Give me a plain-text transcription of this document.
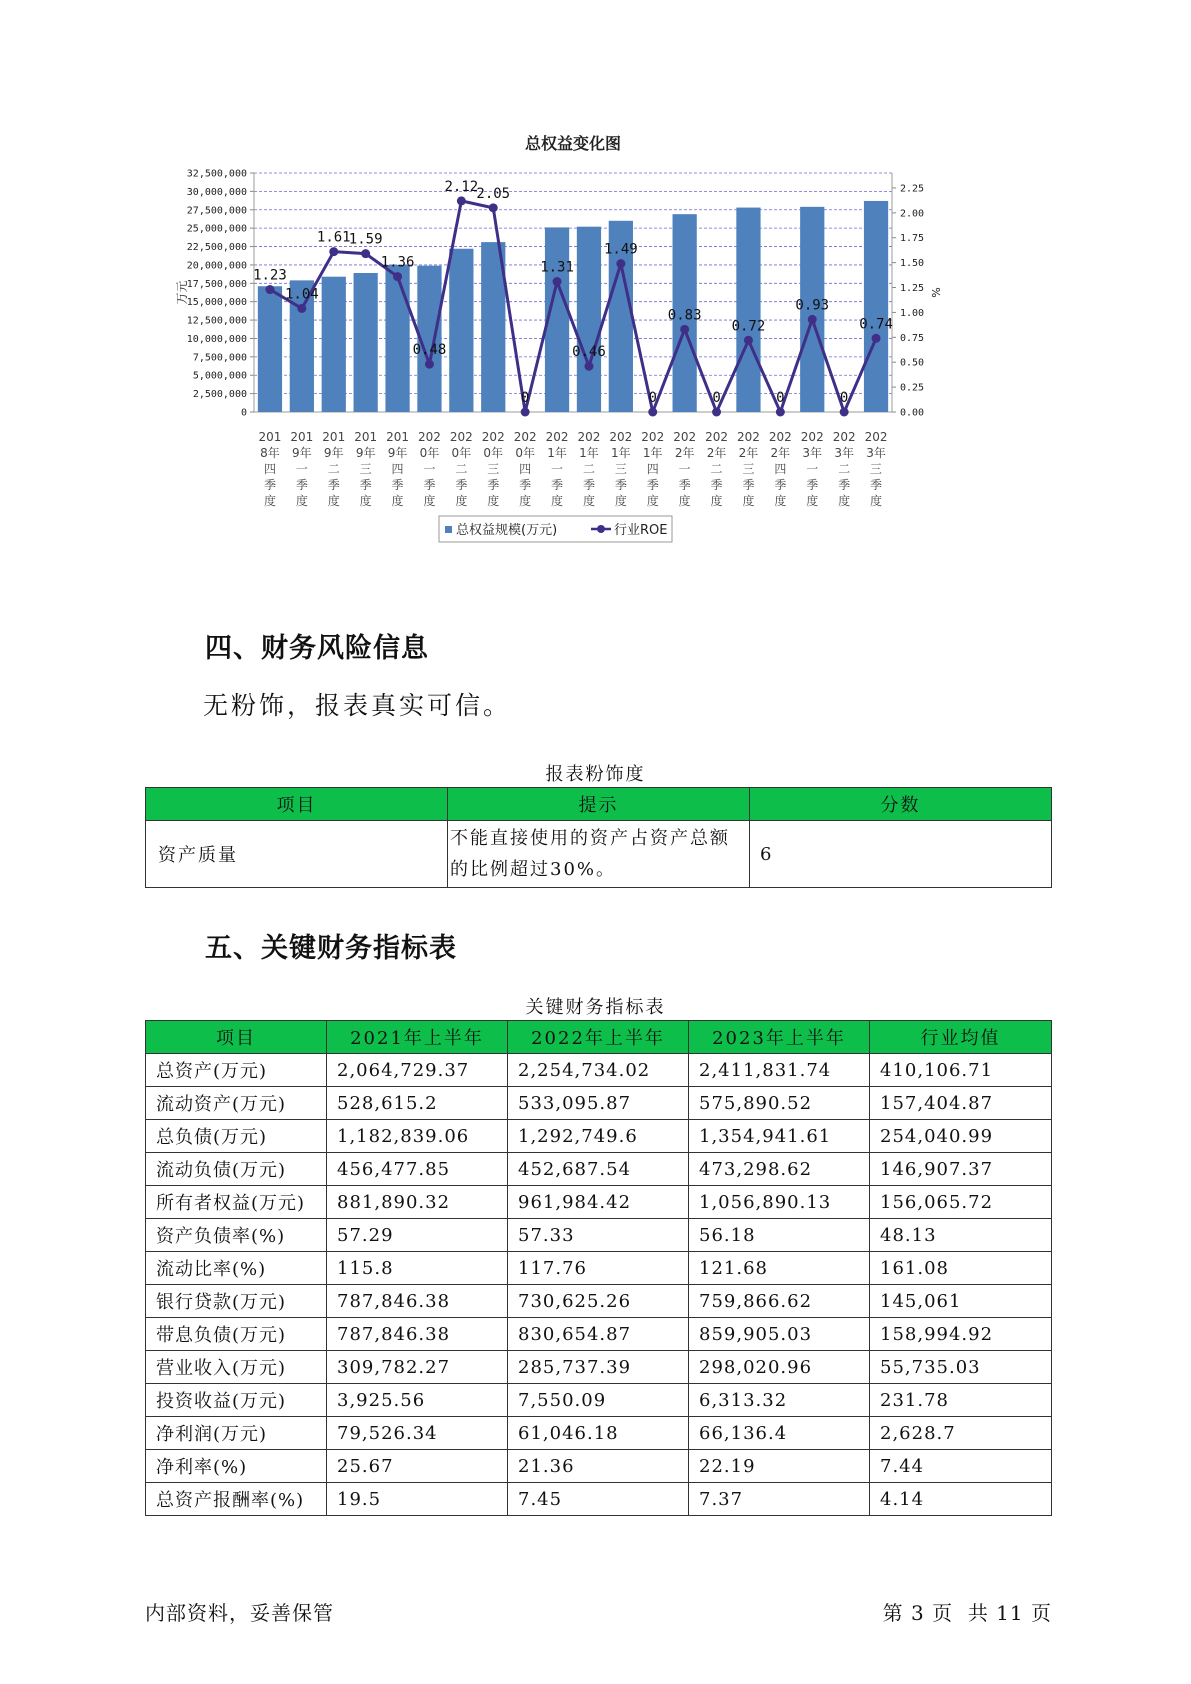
总权益变化图
0
2,500,000
5,000,000
7,500,000
10,000,000
12,500,000
15,000,000
17,500,000
20,000,000
22,500,000
25,000,000
27,500,000
30,000,000
32,500,000
0.00
0.25
0.50
0.75
1.00
1.25
1.50
1.75
2.00
2.25
万元	%
201
8年
四
季
度
201
9年
一
季
度
201
9年
二
季
度
201
9年
三
季
度
201
9年
四
季
度
202
0年
一
季
度
202
0年
二
季
度
202
0年
三
季
度
202
0年
四
季
度
202
1年
一
季
度
202
1年
二
季
度
202
1年
三
季
度
202
1年
四
季
度
202
2年
一
季
度
202
2年
二
季
度
202
2年
三
季
度
202
2年
四
季
度
202
3年
一
季
度
202
3年
二
季
度
202
3年
三
季
度
1.23
1.04
1.61
1.59
1.36
0.48
2.12
2.05
0
1.31
0.46
1.49
0
0.83
0
0.72
0
0.93
0
0.74
总权益规模(万元)	行业ROE
四、财务风险信息

无粉饰，报表真实可信。

报表粉饰度
项目	提示	分数
资产质量	不能直接使用的资产占资产总额的比例超过30%。	6
五、关键财务指标表
关键财务指标表
项目	2021年上半年	2022年上半年	2023年上半年	行业均值
总资产(万元)	2,064,729.37	2,254,734.02	2,411,831.74	410,106.71
流动资产(万元)	528,615.2	533,095.87	575,890.52	157,404.87
总负债(万元)	1,182,839.06	1,292,749.6	1,354,941.61	254,040.99
流动负债(万元)	456,477.85	452,687.54	473,298.62	146,907.37
所有者权益(万元)	881,890.32	961,984.42	1,056,890.13	156,065.72
资产负债率(%)	57.29	57.33	56.18	48.13
流动比率(%)	115.8	117.76	121.68	161.08
银行贷款(万元)	787,846.38	730,625.26	759,866.62	145,061
带息负债(万元)	787,846.38	830,654.87	859,905.03	158,994.92
营业收入(万元)	309,782.27	285,737.39	298,020.96	55,735.03
投资收益(万元)	3,925.56	7,550.09	6,313.32	231.78
净利润(万元)	79,526.34	61,046.18	66,136.4	2,628.7
净利率(%)	25.67	21.36	22.19	7.44
总资产报酬率(%)	19.5	7.45	7.37	4.14
内部资料，妥善保管	第 3 页  共 11 页
